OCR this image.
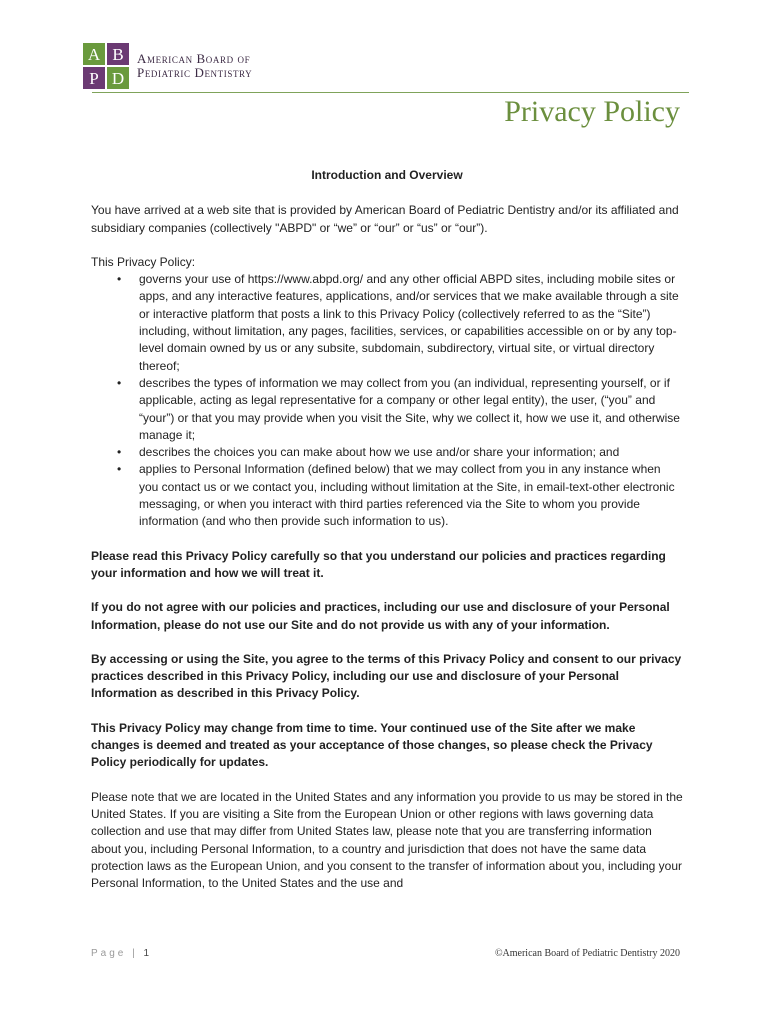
A B
P D
American Board of
Pediatric Dentistry
Privacy Policy
Introduction and Overview

You have arrived at a web site that is provided by American Board of Pediatric Dentistry and/or its affiliated and subsidiary companies (collectively "ABPD" or “we” or “our” or “us” or “our”).

This Privacy Policy:

• governs your use of https://www.abpd.org/ and any other official ABPD sites, including mobile sites or apps, and any interactive features, applications, and/or services that we make available through a site or interactive platform that posts a link to this Privacy Policy (collectively referred to as the “Site”) including, without limitation, any pages, facilities, services, or capabilities accessible on or by any top-level domain owned by us or any subsite, subdomain, subdirectory, virtual site, or virtual directory thereof;
• describes the types of information we may collect from you (an individual, representing yourself, or if applicable, acting as legal representative for a company or other legal entity), the user, (“you” and “your”) or that you may provide when you visit the Site, why we collect it, how we use it, and otherwise manage it;
• describes the choices you can make about how we use and/or share your information; and
• applies to Personal Information (defined below) that we may collect from you in any instance when you contact us or we contact you, including without limitation at the Site, in email-text-other electronic messaging, or when you interact with third parties referenced via the Site to whom you provide information (and who then provide such information to us).

Please read this Privacy Policy carefully so that you understand our policies and practices regarding your information and how we will treat it.

If you do not agree with our policies and practices, including our use and disclosure of your Personal Information, please do not use our Site and do not provide us with any of your information.

By accessing or using the Site, you agree to the terms of this Privacy Policy and consent to our privacy practices described in this Privacy Policy, including our use and disclosure of your Personal Information as described in this Privacy Policy.

This Privacy Policy may change from time to time. Your continued use of the Site after we make changes is deemed and treated as your acceptance of those changes, so please check the Privacy Policy periodically for updates.

Please note that we are located in the United States and any information you provide to us may be stored in the United States. If you are visiting a Site from the European Union or other regions with laws governing data collection and use that may differ from United States law, please note that you are transferring information about you, including Personal Information, to a country and jurisdiction that does not have the same data protection laws as the European Union, and you consent to the transfer of information about you, including your Personal Information, to the United States and the use and

Page | 1	©American Board of Pediatric Dentistry 2020
